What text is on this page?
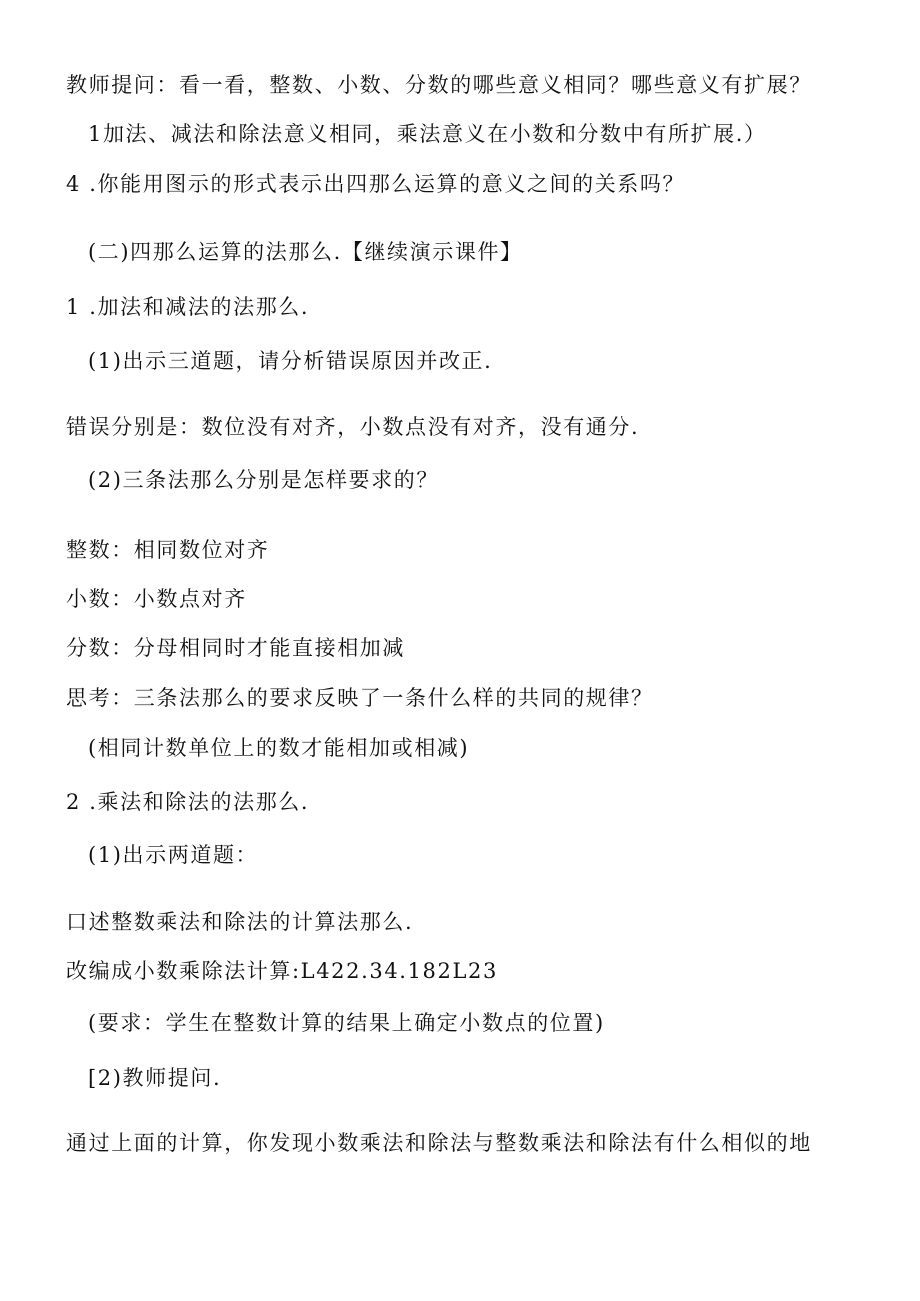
教师提问：看一看，整数、小数、分数的哪些意义相同？哪些意义有扩展？
1加法、减法和除法意义相同，乘法意义在小数和分数中有所扩展.）
4 .你能用图示的形式表示出四那么运算的意义之间的关系吗？
(二)四那么运算的法那么.【继续演示课件】
1 .加法和减法的法那么.
(1)出示三道题，请分析错误原因并改正.
错误分别是：数位没有对齐，小数点没有对齐，没有通分.
(2)三条法那么分别是怎样要求的？
整数：相同数位对齐
小数：小数点对齐
分数：分母相同时才能直接相加减
思考：三条法那么的要求反映了一条什么样的共同的规律？
(相同计数单位上的数才能相加或相减)
2 .乘法和除法的法那么.
(1)出示两道题：
口述整数乘法和除法的计算法那么.
改编成小数乘除法计算:L422.34.182L23
(要求：学生在整数计算的结果上确定小数点的位置)
[2)教师提问.
通过上面的计算，你发现小数乘法和除法与整数乘法和除法有什么相似的地
